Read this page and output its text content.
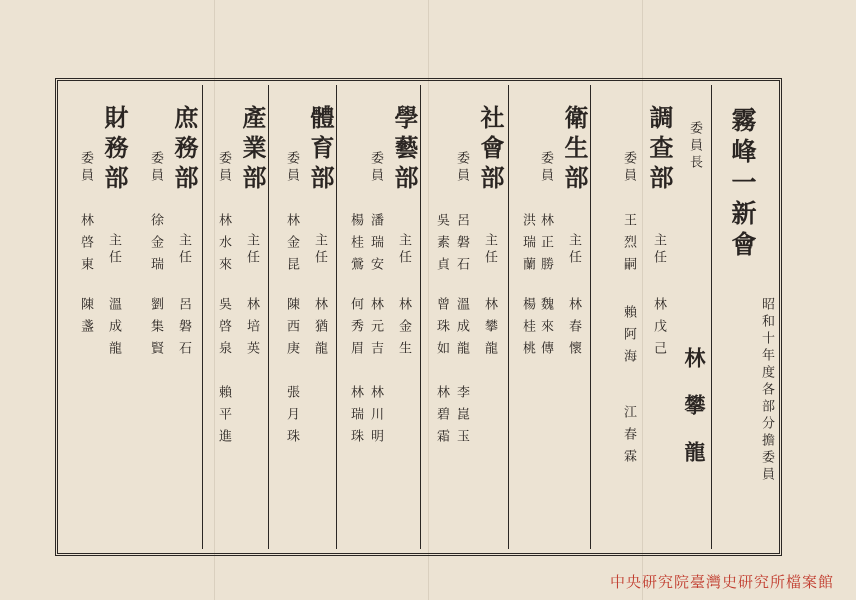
霧峰一新會
昭和十年度各部分擔委員
委員長
林攀龍
調查部
主任
林戊己
委員
王烈嗣
賴阿海
江春霖
衛生部
主任
林春懷
委員
林正勝
魏來傳
洪瑞蘭
楊桂桃
社會部
主任
林攀龍
委員
呂磐石
溫成龍
李崑玉
吳素貞
曾珠如
林碧霜
學藝部
主任
林金生
委員
潘瑞安
林元吉
林川明
楊桂鶯
何秀眉
林瑞珠
體育部
主任
林猶龍
委員
林金昆
陳西庚
張月珠
產業部
主任
林培英
委員
林水來
吳啓泉
賴平進
庶務部
主任
呂磐石
委員
徐金瑞
劉集賢
財務部
主任
溫成龍
委員
林啓東
陳盞
中央研究院臺灣史研究所檔案館
